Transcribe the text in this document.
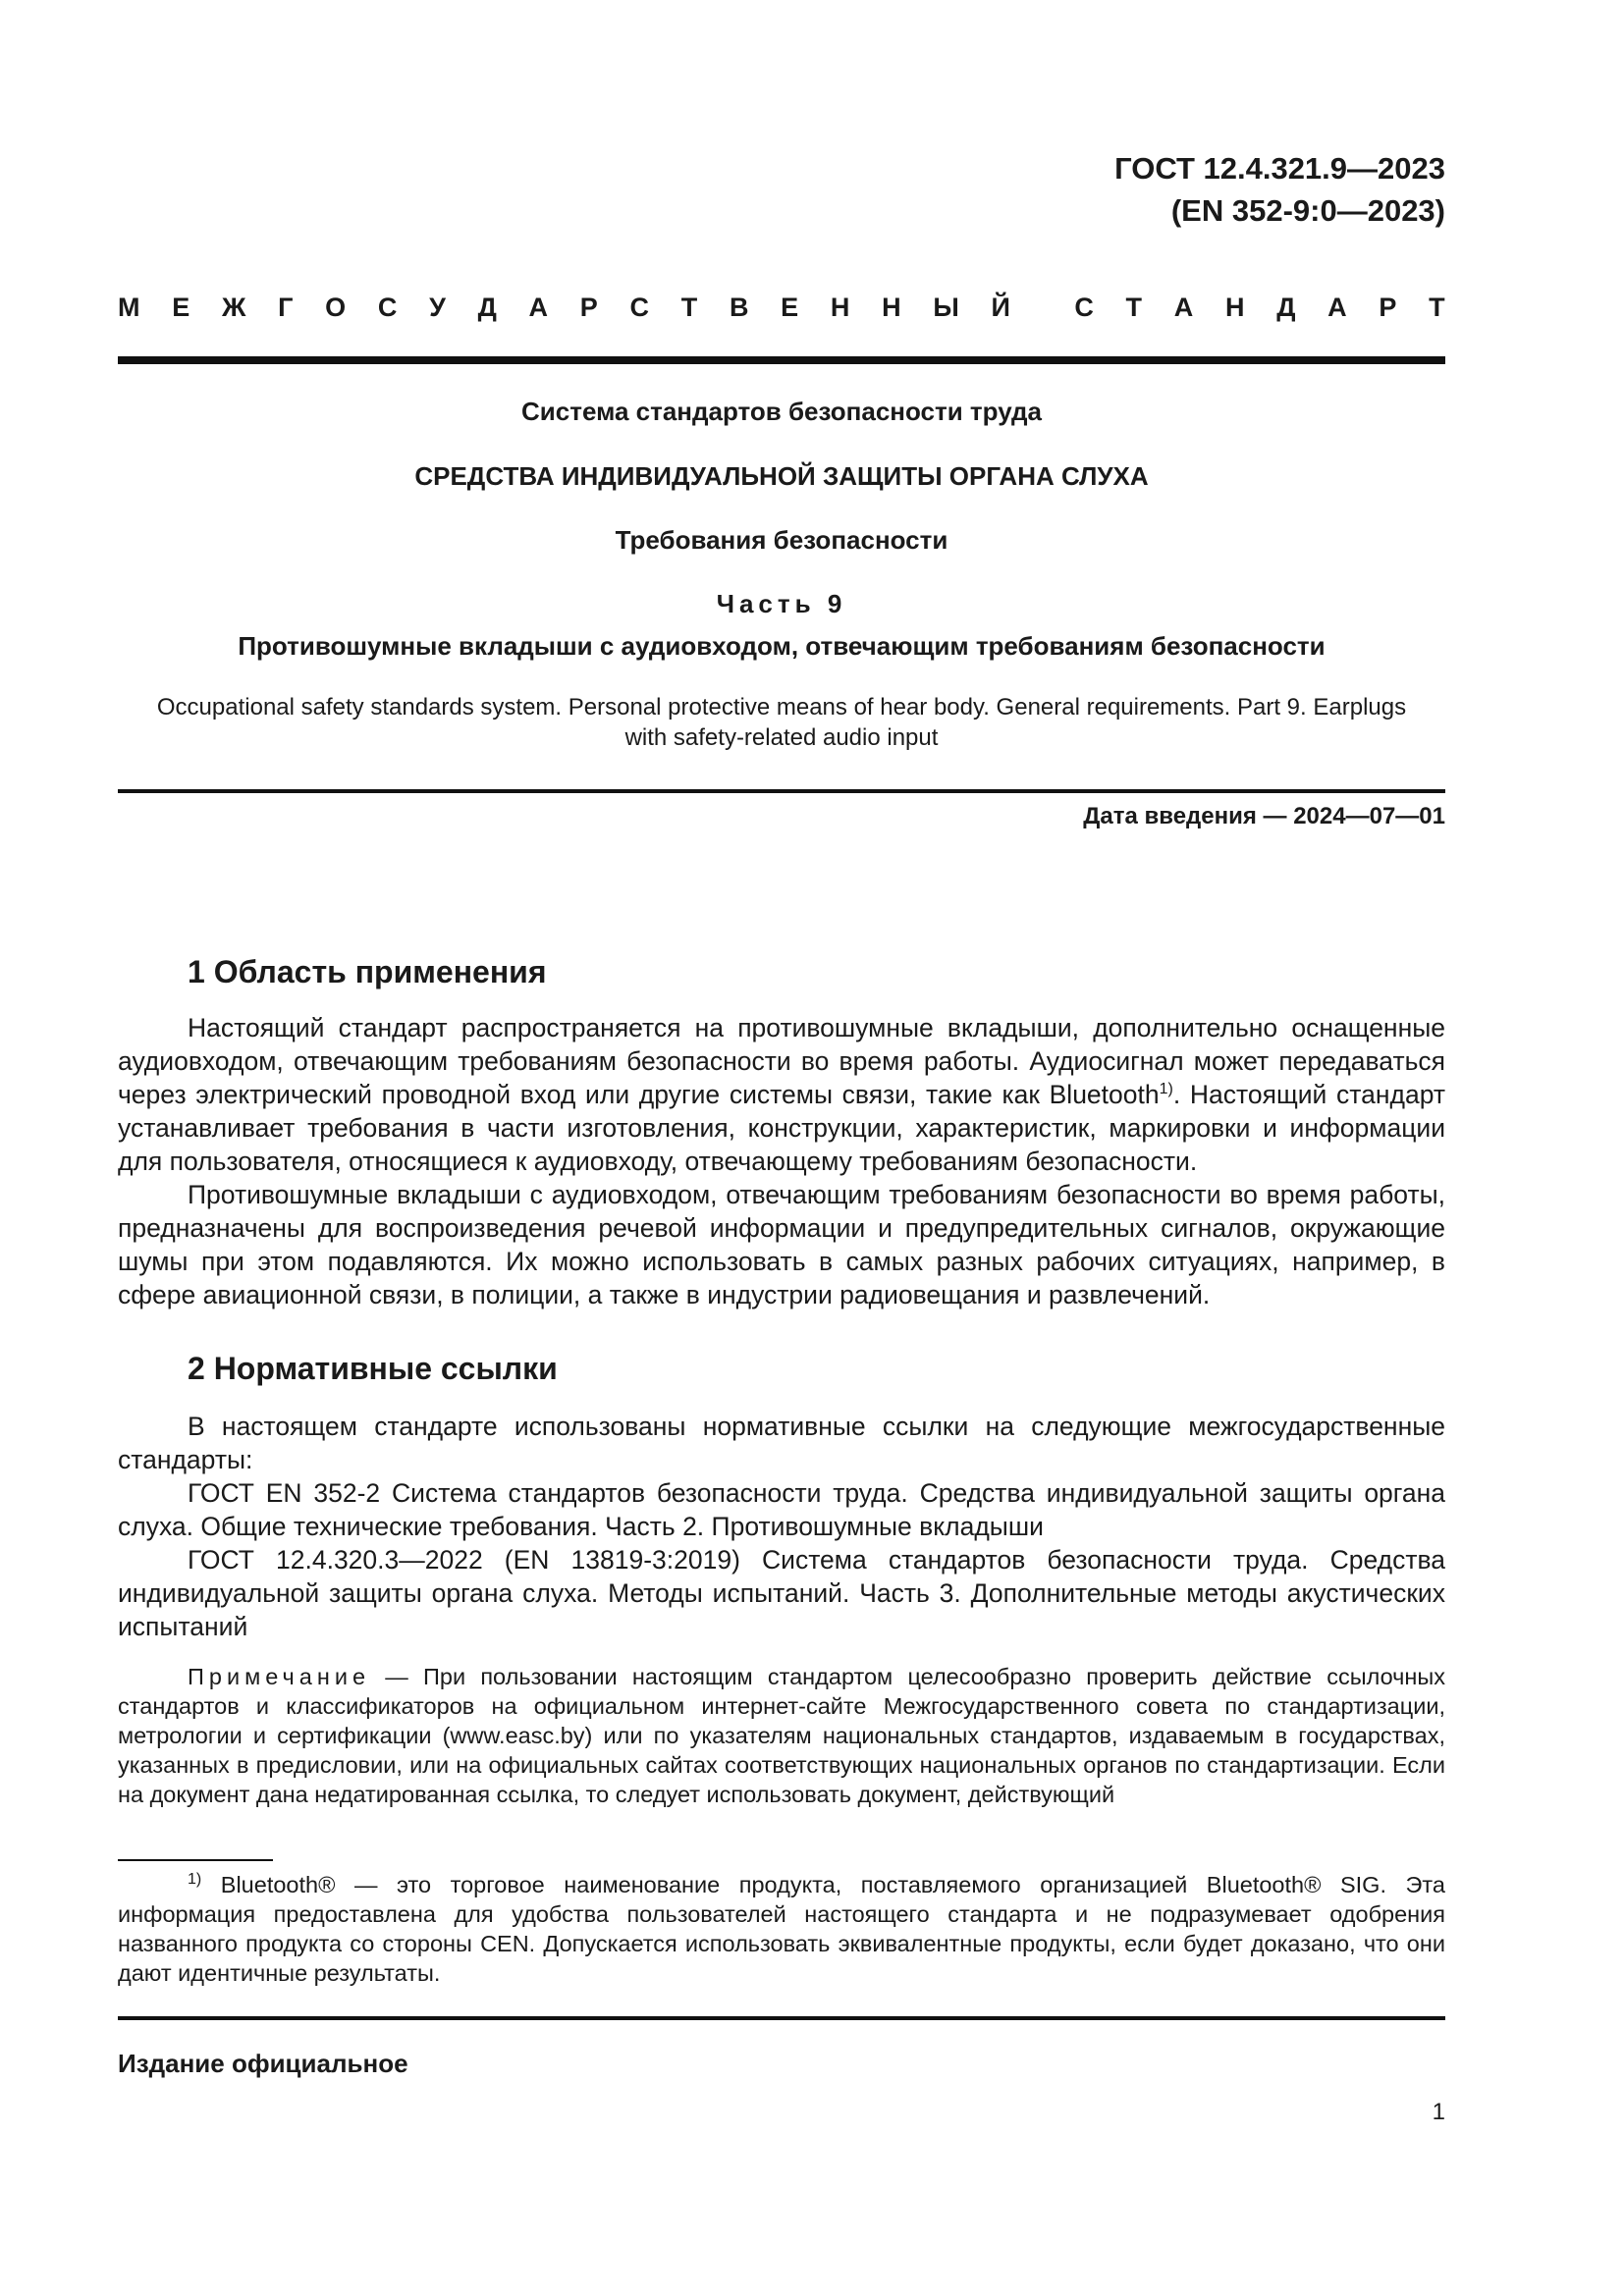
ГОСТ 12.4.321.9—2023
(EN 352-9:0—2023)
М Е Ж Г О С У Д А Р С Т В Е Н Н Ы Й С Т А Н Д А Р Т
Система стандартов безопасности труда
СРЕДСТВА ИНДИВИДУАЛЬНОЙ ЗАЩИТЫ ОРГАНА СЛУХА
Требования безопасности
Часть 9
Противошумные вкладыши с аудиовходом, отвечающим требованиям безопасности
Occupational safety standards system. Personal protective means of hear body. General requirements. Part 9. Earplugs
with safety-related audio input
Дата введения — 2024—07—01
1 Область применения

Настоящий стандарт распространяется на противошумные вкладыши, дополнительно оснащенные аудиовходом, отвечающим требованиям безопасности во время работы. Аудиосигнал может передаваться через электрический проводной вход или другие системы связи, такие как Bluetooth$^{1)}$. Настоящий стандарт устанавливает требования в части изготовления, конструкции, характеристик, маркировки и информации для пользователя, относящиеся к аудиовходу, отвечающему требованиям безопасности.

Противошумные вкладыши с аудиовходом, отвечающим требованиям безопасности во время работы, предназначены для воспроизведения речевой информации и предупредительных сигналов, окружающие шумы при этом подавляются. Их можно использовать в самых разных рабочих ситуациях, например, в сфере авиационной связи, в полиции, а также в индустрии радиовещания и развлечений.

2 Нормативные ссылки

В настоящем стандарте использованы нормативные ссылки на следующие межгосударственные стандарты:

ГОСТ EN 352-2 Система стандартов безопасности труда. Средства индивидуальной защиты органа слуха. Общие технические требования. Часть 2. Противошумные вкладыши

ГОСТ 12.4.320.3—2022 (EN 13819-3:2019) Система стандартов безопасности труда. Средства индивидуальной защиты органа слуха. Методы испытаний. Часть 3. Дополнительные методы акустических испытаний

Примечание — При пользовании настоящим стандартом целесообразно проверить действие ссылочных стандартов и классификаторов на официальном интернет-сайте Межгосударственного совета по стандартизации, метрологии и сертификации (www.easc.by) или по указателям национальных стандартов, издаваемым в государствах, указанных в предисловии, или на официальных сайтах соответствующих национальных органов по стандартизации. Если на документ дана недатированная ссылка, то следует использовать документ, действующий

$^{1)}$ Bluetooth® — это торговое наименование продукта, поставляемого организацией Bluetooth® SIG. Эта информация предоставлена для удобства пользователей настоящего стандарта и не подразумевает одобрения названного продукта со стороны CEN. Допускается использовать эквивалентные продукты, если будет доказано, что они дают идентичные результаты.

Издание официальное
1
